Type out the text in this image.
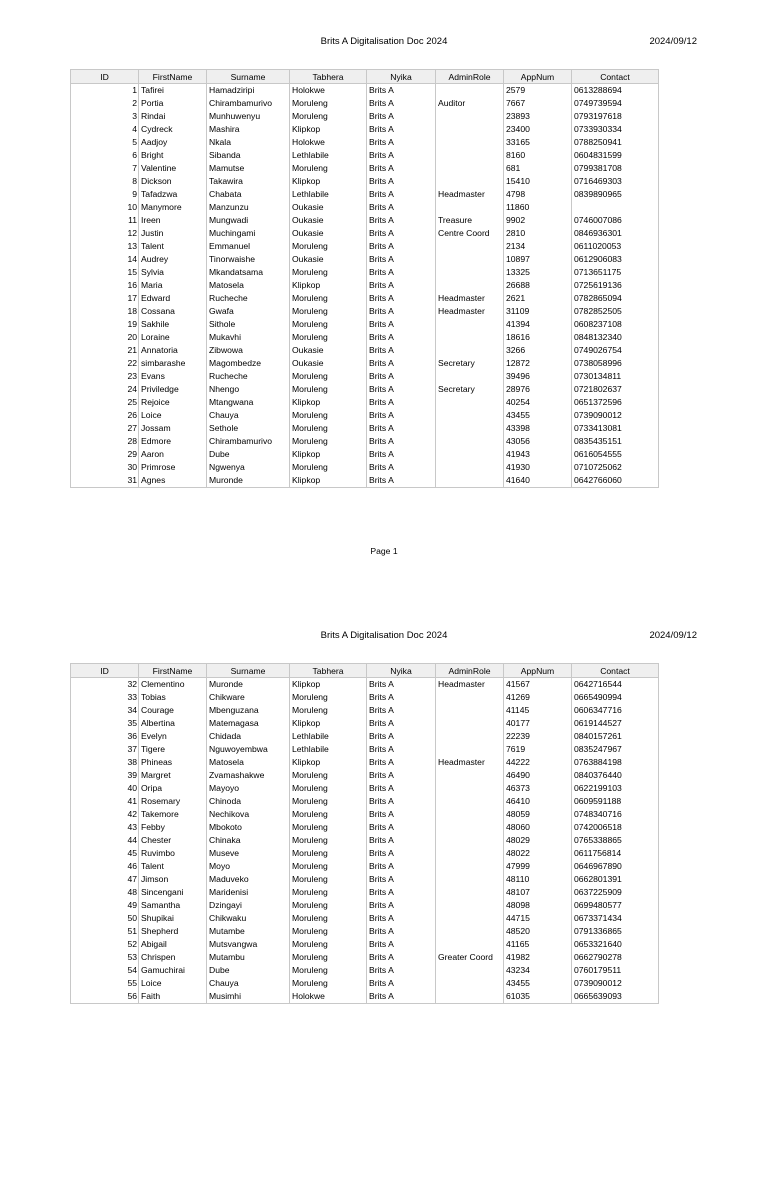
Brits A Digitalisation Doc 2024	2024/09/12
ID	FirstName	Surname	Tabhera	Nyika	AdminRole	AppNum	Contact
1	Tafirei	Hamadziripi	Holokwe	Brits A		2579	0613288694
2	Portia	Chirambamurivo	Moruleng	Brits A	Auditor	7667	0749739594
3	Rindai	Munhuwenyu	Moruleng	Brits A		23893	0793197618
4	Cydreck	Mashira	Klipkop	Brits A		23400	0733930334
5	Aadjoy	Nkala	Holokwe	Brits A		33165	0788250941
6	Bright	Sibanda	Lethlabile	Brits A		8160	0604831599
7	Valentine	Mamutse	Moruleng	Brits A		681	0799381708
8	Dickson	Takawira	Klipkop	Brits A		15410	0716469303
9	Tafadzwa	Chabata	Lethlabile	Brits A	Headmaster	4798	0839890965
10	Manymore	Manzunzu	Oukasie	Brits A		11860	
11	Ireen	Mungwadi	Oukasie	Brits A	Treasure	9902	0746007086
12	Justin	Muchingami	Oukasie	Brits A	Centre Coord	2810	0846936301
13	Talent	Emmanuel	Moruleng	Brits A		2134	0611020053
14	Audrey	Tinorwaishe	Oukasie	Brits A		10897	0612906083
15	Sylvia	Mkandatsama	Moruleng	Brits A		13325	0713651175
16	Maria	Matosela	Klipkop	Brits A		26688	0725619136
17	Edward	Rucheche	Moruleng	Brits A	Headmaster	2621	0782865094
18	Cossana	Gwafa	Moruleng	Brits A	Headmaster	31109	0782852505
19	Sakhile	Sithole	Moruleng	Brits A		41394	0608237108
20	Loraine	Mukavhi	Moruleng	Brits A		18616	0848132340
21	Annatoria	Zibwowa	Oukasie	Brits A		3266	0749026754
22	simbarashe	Magombedze	Oukasie	Brits A	Secretary	12872	0738058996
23	Evans	Rucheche	Moruleng	Brits A		39496	0730134811
24	Priviledge	Nhengo	Moruleng	Brits A	Secretary	28976	0721802637
25	Rejoice	Mtangwana	Klipkop	Brits A		40254	0651372596
26	Loice	Chauya	Moruleng	Brits A		43455	0739090012
27	Jossam	Sethole	Moruleng	Brits A		43398	0733413081
28	Edmore	Chirambamurivo	Moruleng	Brits A		43056	0835435151
29	Aaron	Dube	Klipkop	Brits A		41943	0616054555
30	Primrose	Ngwenya	Moruleng	Brits A		41930	0710725062
31	Agnes	Muronde	Klipkop	Brits A		41640	0642766060
Page 1
Brits A Digitalisation Doc 2024	2024/09/12
ID	FirstName	Surname	Tabhera	Nyika	AdminRole	AppNum	Contact
32	Clementino	Muronde	Klipkop	Brits A	Headmaster	41567	0642716544
33	Tobias	Chikware	Moruleng	Brits A		41269	0665490994
34	Courage	Mbenguzana	Moruleng	Brits A		41145	0606347716
35	Albertina	Matemagasa	Klipkop	Brits A		40177	0619144527
36	Evelyn	Chidada	Lethlabile	Brits A		22239	0840157261
37	Tigere	Nguwoyembwa	Lethlabile	Brits A		7619	0835247967
38	Phineas	Matosela	Klipkop	Brits A	Headmaster	44222	0763884198
39	Margret	Zvamashakwe	Moruleng	Brits A		46490	0840376440
40	Oripa	Mayoyo	Moruleng	Brits A		46373	0622199103
41	Rosemary	Chinoda	Moruleng	Brits A		46410	0609591188
42	Takemore	Nechikova	Moruleng	Brits A		48059	0748340716
43	Febby	Mbokoto	Moruleng	Brits A		48060	0742006518
44	Chester	Chinaka	Moruleng	Brits A		48029	0765338865
45	Ruvimbo	Museve	Moruleng	Brits A		48022	0611756814
46	Talent	Moyo	Moruleng	Brits A		47999	0646967890
47	Jimson	Maduveko	Moruleng	Brits A		48110	0662801391
48	Sincengani	Maridenisi	Moruleng	Brits A		48107	0637225909
49	Samantha	Dzingayi	Moruleng	Brits A		48098	0699480577
50	Shupikai	Chikwaku	Moruleng	Brits A		44715	0673371434
51	Shepherd	Mutambe	Moruleng	Brits A		48520	0791336865
52	Abigail	Mutsvangwa	Moruleng	Brits A		41165	0653321640
53	Chrispen	Mutambu	Moruleng	Brits A	Greater Coord	41982	0662790278
54	Gamuchirai	Dube	Moruleng	Brits A		43234	0760179511
55	Loice	Chauya	Moruleng	Brits A		43455	0739090012
56	Faith	Musimhi	Holokwe	Brits A		61035	0665639093
